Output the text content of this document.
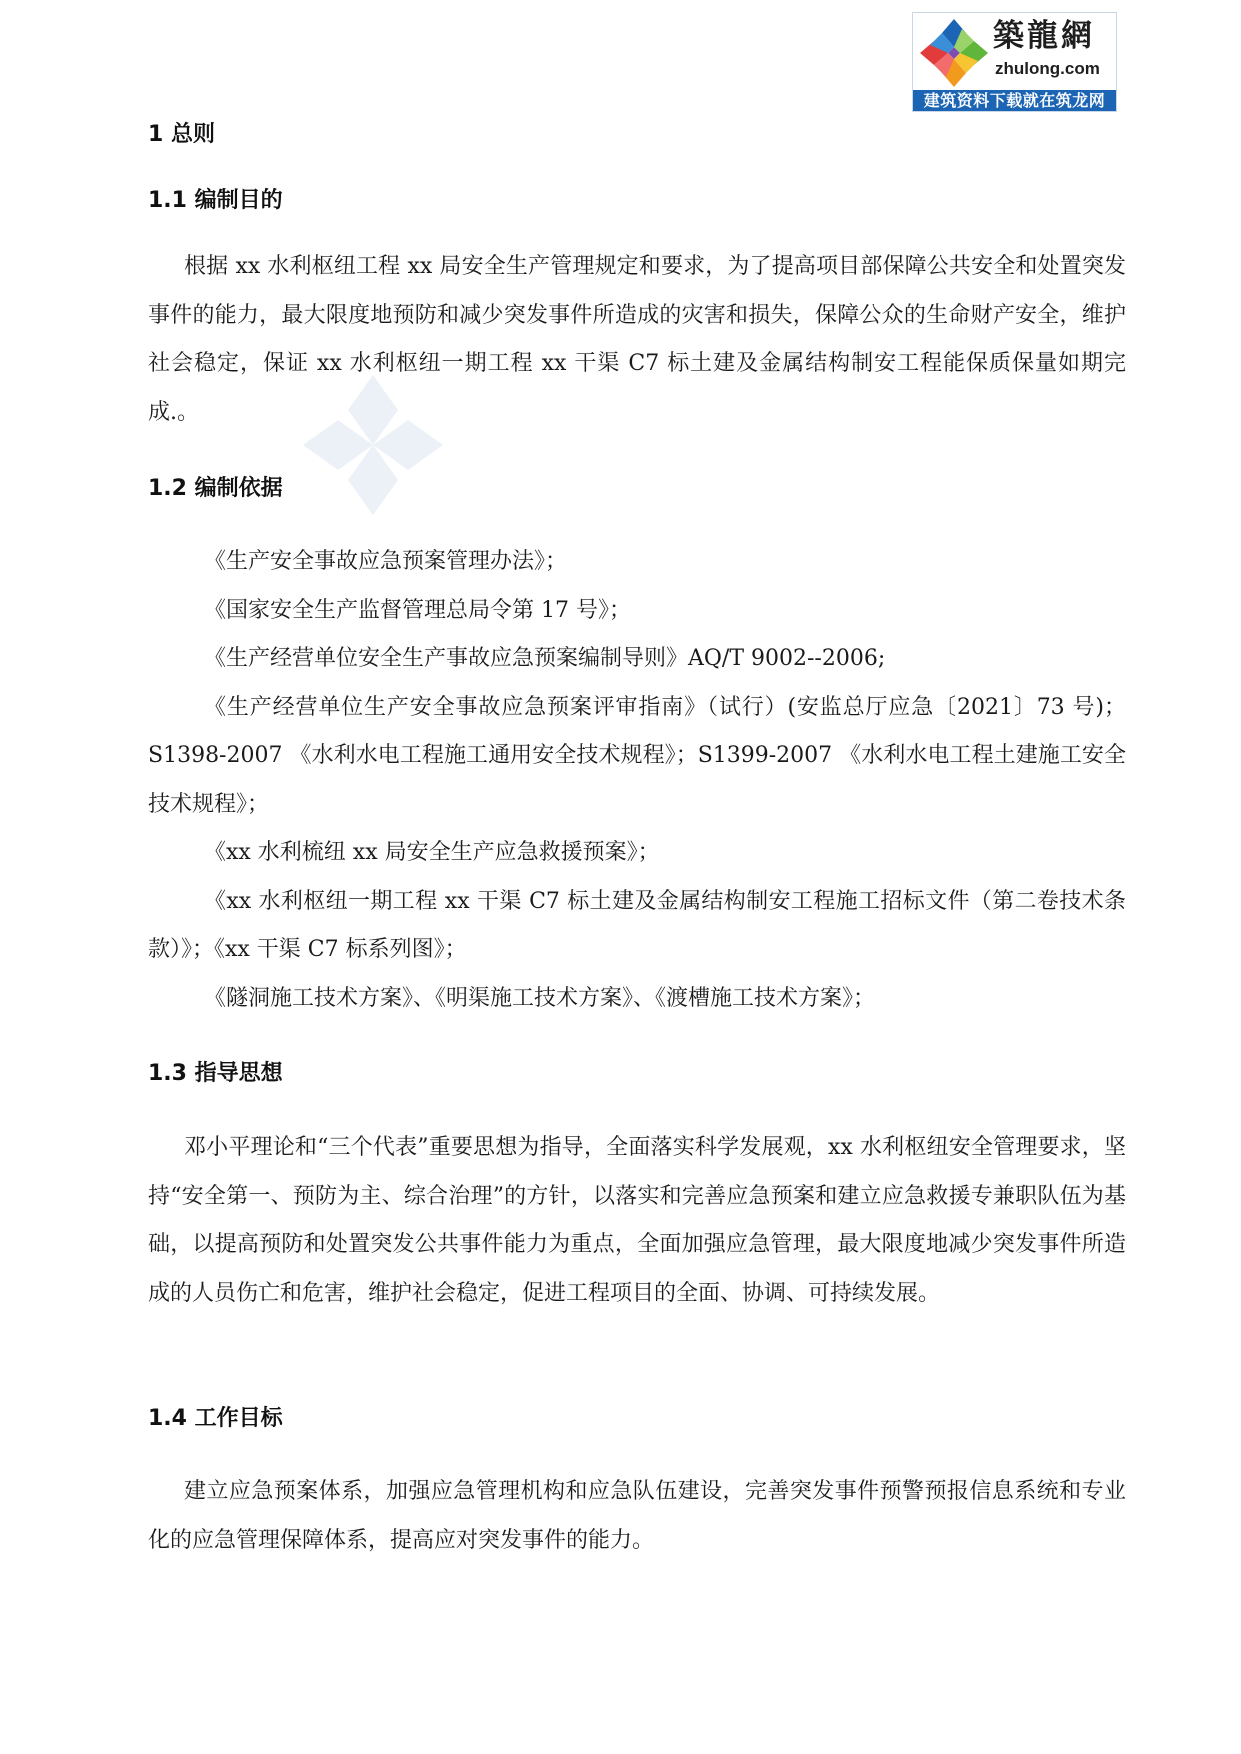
築龍網
zhulong.com
建筑资料下载就在筑龙网
1 总则
1.1 编制目的

根据 xx 水利枢纽工程 xx 局安全生产管理规定和要求，为了提高项目部保障公共安全和处置突发事件的能力，最大限度地预防和减少突发事件所造成的灾害和损失，保障公众的生命财产安全，维护社会稳定，保证 xx 水利枢纽一期工程 xx 干渠 C7 标土建及金属结构制安工程能保质保量如期完成.。

1.2 编制依据
《生产安全事故应急预案管理办法》；
《国家安全生产监督管理总局令第 17 号》；
《生产经营单位安全生产事故应急预案编制导则》AQ/T 9002--2006;
《生产经营单位生产安全事故应急预案评审指南》（试行）(安监总厅应急〔2021〕73 号)；S1398-2007 《水利水电工程施工通用安全技术规程》；S1399-2007 《水利水电工程土建施工安全技术规程》；
《xx 水利梳纽 xx 局安全生产应急救援预案》；
《xx 水利枢纽一期工程 xx 干渠 C7 标土建及金属结构制安工程施工招标文件（第二卷技术条款）》；《xx 干渠 C7 标系列图》；
《隧洞施工技术方案》、《明渠施工技术方案》、《渡槽施工技术方案》；
1.3 指导思想

邓小平理论和“三个代表”重要思想为指导，全面落实科学发展观，xx 水利枢纽安全管理要求，坚持“安全第一、预防为主、综合治理”的方针，以落实和完善应急预案和建立应急救援专兼职队伍为基础，以提高预防和处置突发公共事件能力为重点，全面加强应急管理，最大限度地减少突发事件所造成的人员伤亡和危害，维护社会稳定，促进工程项目的全面、协调、可持续发展。

1.4 工作目标

建立应急预案体系，加强应急管理机构和应急队伍建设，完善突发事件预警预报信息系统和专业化的应急管理保障体系，提高应对突发事件的能力。
